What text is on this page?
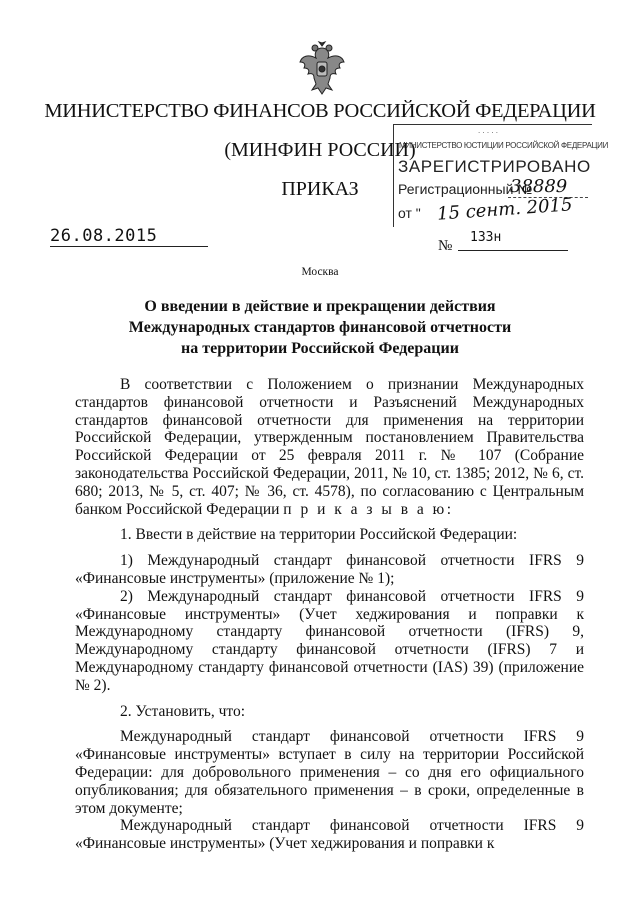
МИНИСТЕРСТВО ФИНАНСОВ РОССИЙСКОЙ ФЕДЕРАЦИИ
(МИНФИН РОССИИ)
ПРИКАЗ
. . . . .
МИНИСТЕРСТВО ЮСТИЦИИ РОССИЙСКОЙ ФЕДЕРАЦИИ
ЗАРЕГИСТРИРОВАНО
Регистрационный №
38889
от " 15 сент. 2015
26.08.2015	№
133н
Москва
О введении в действие и прекращении действия
Международных стандартов финансовой отчетности
на территории Российской Федерации

В соответствии с Положением о признании Международных стандартов финансовой отчетности и Разъяснений Международных стандартов финансовой отчетности для применения на территории Российской Федерации, утвержденным постановлением Правительства Российской Федерации от 25 февраля 2011 г. № 107 (Собрание законодательства Российской Федерации, 2011, № 10, ст. 1385; 2012, № 6, ст. 680; 2013, № 5, ст. 407; № 36, ст. 4578), по согласованию с Центральным банком Российской Федерации п р и к а з ы в а ю:

1. Ввести в действие на территории Российской Федерации:

1) Международный стандарт финансовой отчетности IFRS 9 «Финансовые инструменты» (приложение № 1);

2) Международный стандарт финансовой отчетности IFRS 9 «Финансовые инструменты» (Учет хеджирования и поправки к Международному стандарту финансовой отчетности (IFRS) 9, Международному стандарту финансовой отчетности (IFRS) 7 и Международному стандарту финансовой отчетности (IAS) 39) (приложение № 2).

2. Установить, что:

Международный стандарт финансовой отчетности IFRS 9 «Финансовые инструменты» вступает в силу на территории Российской Федерации: для добровольного применения – со дня его официального опубликования; для обязательного применения – в сроки, определенные в этом документе;

Международный стандарт финансовой отчетности IFRS 9 «Финансовые инструменты» (Учет хеджирования и поправки к
